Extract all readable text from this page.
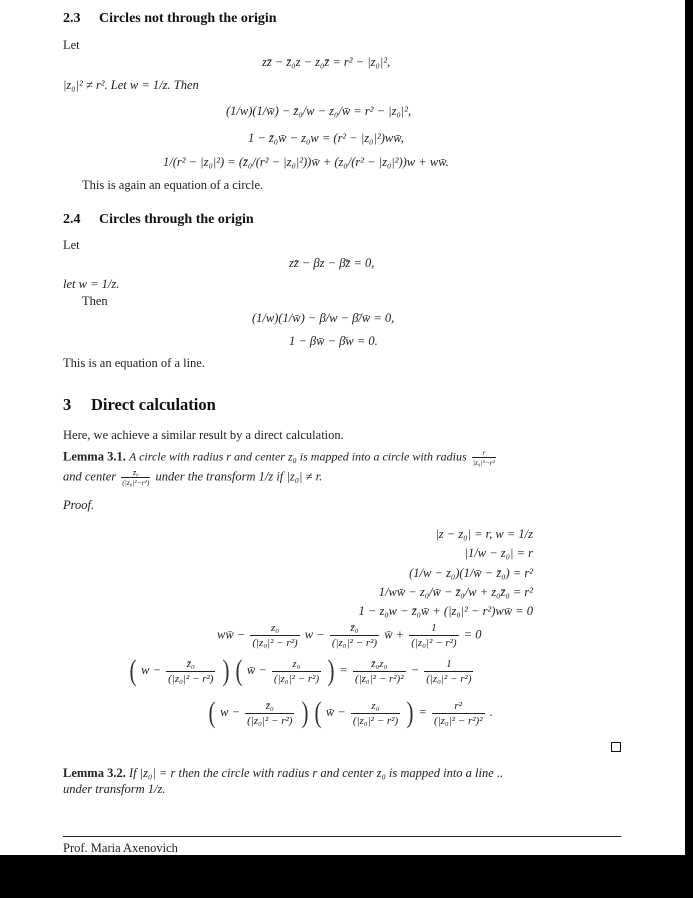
2.3 Circles not through the origin
Let
zz̄ − z̄₀z − z₀z̄ = r² − |z₀|²,
|z₀|² ≠ r². Let w = 1/z. Then
(1/w)(1/w̄) − z̄₀/w − z₀/w̄ = r² − |z₀|²,
1 − z̄₀w̄ − z₀w = (r² − |z₀|²)ww̄,
1/(r² − |z₀|²) = (z̄₀/(r² − |z₀|²))w̄ + (z₀/(r² − |z₀|²))w + ww̄.
This is again an equation of a circle.
2.4 Circles through the origin
Let
zz̄ − βz − β̄z̄ = 0,
let w = 1/z.
Then
(1/w)(1/w̄) − β/w − β̄/w̄ = 0,
1 − βw̄ − β̄w = 0.
This is an equation of a line.
3 Direct calculation
Here, we achieve a similar result by a direct calculation.
Lemma 3.1. A circle with radius r and center z₀ is mapped into a circle with radius $\frac{r}{\text{|z₀|²−r²}}$
and center $\frac{\text{z̄₀}}{\text{(|z₀|²−r²)}}$ under the transform 1/z if |z₀| ≠ r.
Proof.
|z − z₀| = r, w = 1/z
|1/w − z₀| = r
(1/w − z₀)(1/w̄ − z̄₀) = r²
1/ww̄ − z₀/w̄ − z̄₀/w + z₀z̄₀ = r²
1 − z₀w − z̄₀w̄ + (|z₀|² − r²)ww̄ = 0
ww̄ − $\frac{\text{z₀}}{\text{(|z₀|² − r²)}}$ $w - \frac{\text{z̄₀}}{\text{(|z₀|² − r²)}}$ w̄ + $\frac{1}{\text{(|z₀|² − r²)}} = 0$
( $w - \frac{\text{z̄₀}}{\text{(|z₀|² − r²)}}$ ) ( w̄ − $\frac{\text{z₀}}{\text{(|z₀|² − r²)}}$ ) = $\frac{\text{z̄₀z₀}}{\text{(|z₀|² − r²)²}} - \frac{1}{\text{(|z₀|² − r²)}}$
( $w - \frac{\text{z̄₀}}{\text{(|z₀|² − r²)}}$ ) ( w̄ − $\frac{\text{z₀}}{\text{(|z₀|² − r²)}}$ ) = $\frac{\text{r²}}{\text{(|z₀|² − r²)²}}$ .
Lemma 3.2. If |z₀| = r then the circle with radius r and center z₀ is mapped into a line ..
under transform 1/z.
Prof. Maria Axenovich
